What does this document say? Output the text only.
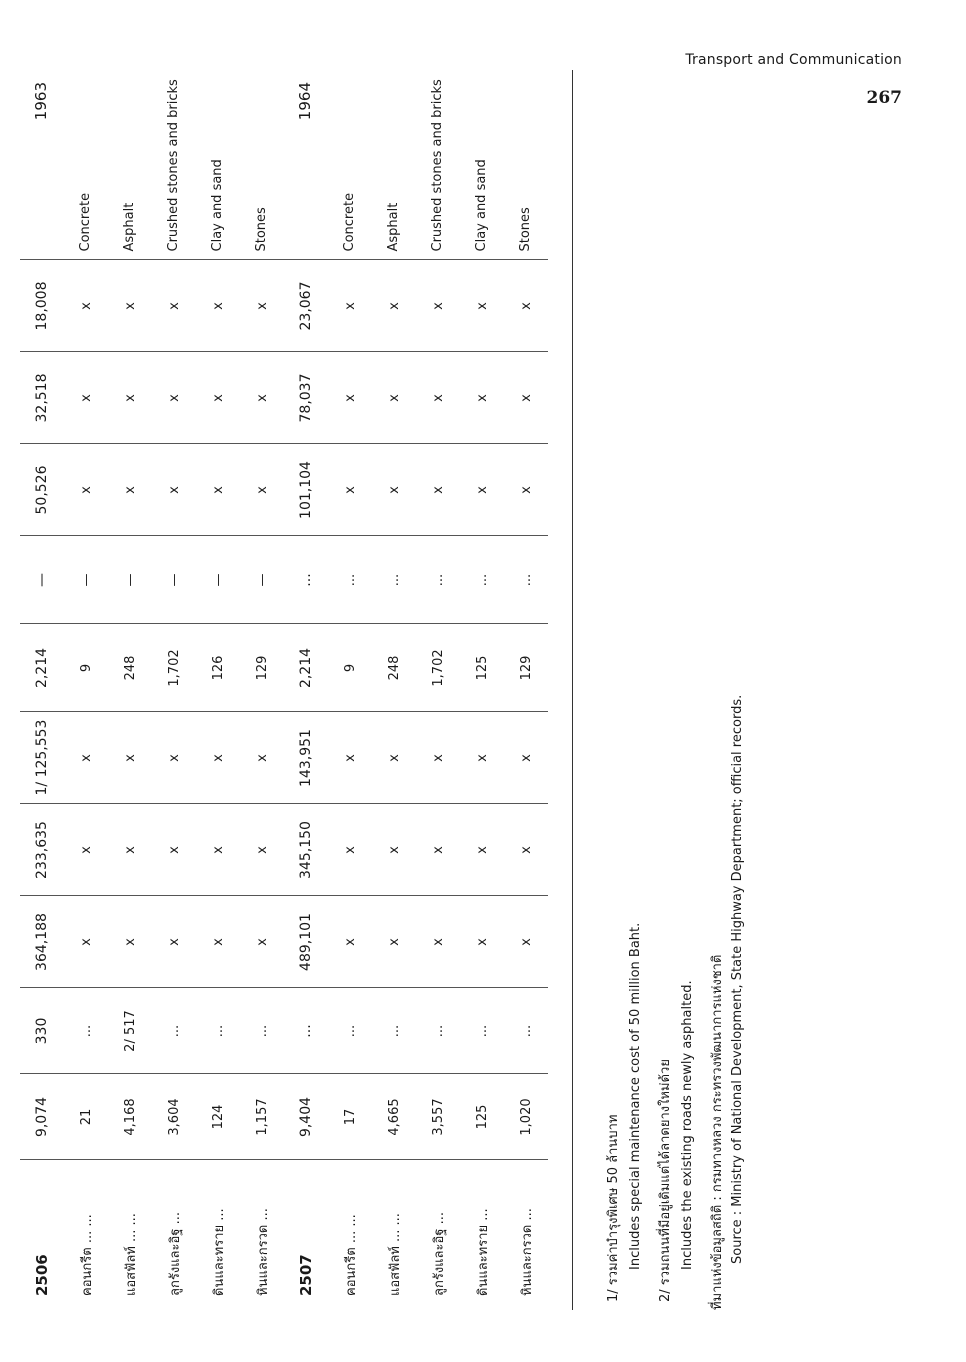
Transport and Communication
267
2506	9,074	330	364,188	233,635	1/ 125,553	2,214	—	50,526	32,518	18,008	1963
คอนกรีต ... ...	21	...	x	x	x	9	—	x	x	x	Concrete
แอสฟัลท์ ... ...	4,168	2/ 517	x	x	x	248	—	x	x	x	Asphalt
ลูกรังและอิฐ ...	3,604	...	x	x	x	1,702	—	x	x	x	Crushed stones and bricks
ดินและทราย ...	124	...	x	x	x	126	—	x	x	x	Clay and sand
หินและกรวด ...	1,157	...	x	x	x	129	—	x	x	x	Stones
2507	9,404	...	489,101	345,150	143,951	2,214	...	101,104	78,037	23,067	1964
คอนกรีต ... ...	17	...	x	x	x	9	...	x	x	x	Concrete
แอสฟัลท์ ... ...	4,665	...	x	x	x	248	...	x	x	x	Asphalt
ลูกรังและอิฐ ...	3,557	...	x	x	x	1,702	...	x	x	x	Crushed stones and bricks
ดินและทราย ...	125	...	x	x	x	125	...	x	x	x	Clay and sand
หินและกรวด ...	1,020	...	x	x	x	129	...	x	x	x	Stones
1/ รวมค่าบำรุงพิเศษ 50 ล้านบาท Includes special maintenance cost of 50 million Baht.
2/ รวมถนนที่มีอยู่เดิมแต่ได้ลาดยางใหม่ด้วย Includes the existing roads newly asphalted.	ที่มาแห่งข้อมูลสถิติ : กรมทางหลวง กระทรวงพัฒนาการแห่งชาติ
Source : Ministry of National Development, State Highway Department; official records.
